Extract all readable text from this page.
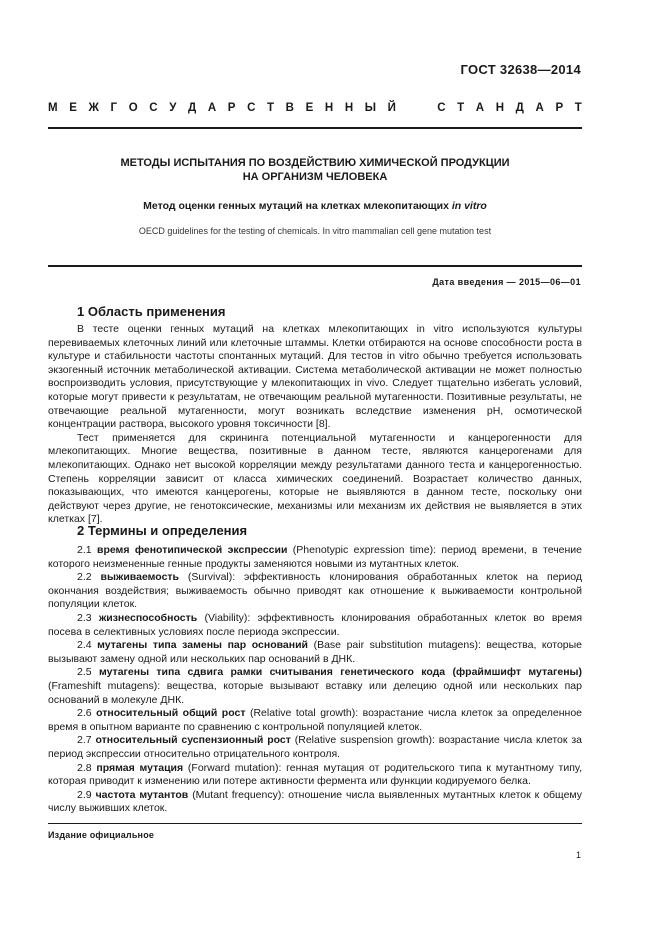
ГОСТ 32638—2014
М Е Ж Г О С У Д А Р С Т В Е Н Н Ы Й

	С Т А Н Д А Р Т
МЕТОДЫ ИСПЫТАНИЯ ПО ВОЗДЕЙСТВИЮ ХИМИЧЕСКОЙ ПРОДУКЦИИ
НА ОРГАНИЗМ ЧЕЛОВЕКА
Метод оценки генных мутаций на клетках млекопитающих in vitro
OECD guidelines for the testing of chemicals. In vitro mammalian cell gene mutation test
Дата введения — 2015—06—01
1 Область применения

В тесте оценки генных мутаций на клетках млекопитающих in vitro используются культуры перевиваемых клеточных линий или клеточные штаммы. Клетки отбираются на основе способности роста в культуре и стабильности частоты спонтанных мутаций. Для тестов in vitro обычно требуется использовать экзогенный источник метаболической активации. Система метаболической активации не может полностью воспроизводить условия, присутствующие у млекопитающих in vivo. Следует тщательно избегать условий, которые могут привести к результатам, не отвечающим реальной мутагенности. Позитивные результаты, не отвечающие реальной мутагенности, могут возникать вследствие изменения pH, осмотической концентрации раствора, высокого уровня токсичности [8].

Тест применяется для скрининга потенциальной мутагенности и канцерогенности для млекопитающих. Многие вещества, позитивные в данном тесте, являются канцерогенами для млекопитающих. Однако нет высокой корреляции между результатами данного теста и канцерогенностью. Степень корреляции зависит от класса химических соединений. Возрастает количество данных, показывающих, что имеются канцерогены, которые не выявляются в данном тесте, поскольку они действуют через другие, не генотоксические, механизмы или механизм их действия не выявляется в этих клетках [7].

2 Термины и определения

2.1 время фенотипической экспрессии (Phenotypic expression time): период времени, в течение которого неизмененные генные продукты заменяются новыми из мутантных клеток.

2.2 выживаемость (Survival): эффективность клонирования обработанных клеток на период окончания воздействия; выживаемость обычно приводят как отношение к выживаемости контрольной популяции клеток.

2.3 жизнеспособность (Viability): эффективность клонирования обработанных клеток во время посева в селективных условиях после периода экспрессии.

2.4 мутагены типа замены пар оснований (Base pair substitution mutagens): вещества, которые вызывают замену одной или нескольких пар оснований в ДНК.

2.5 мутагены типа сдвига рамки считывания генетического кода (фраймшифт мутагены) (Frameshift mutagens): вещества, которые вызывают вставку или делецию одной или нескольких пар оснований в молекуле ДНК.

2.6 относительный общий рост (Relative total growth): возрастание числа клеток за определенное время в опытном варианте по сравнению с контрольной популяцией клеток.

2.7 относительный суспензионный рост (Relative suspension growth): возрастание числа клеток за период экспрессии относительно отрицательного контроля.

2.8 прямая мутация (Forward mutation): генная мутация от родительского типа к мутантному типу, которая приводит к изменению или потере активности фермента или функции кодируемого белка.

2.9 частота мутантов (Mutant frequency): отношение числа выявленных мутантных клеток к общему числу выживших клеток.

Издание официальное
1
